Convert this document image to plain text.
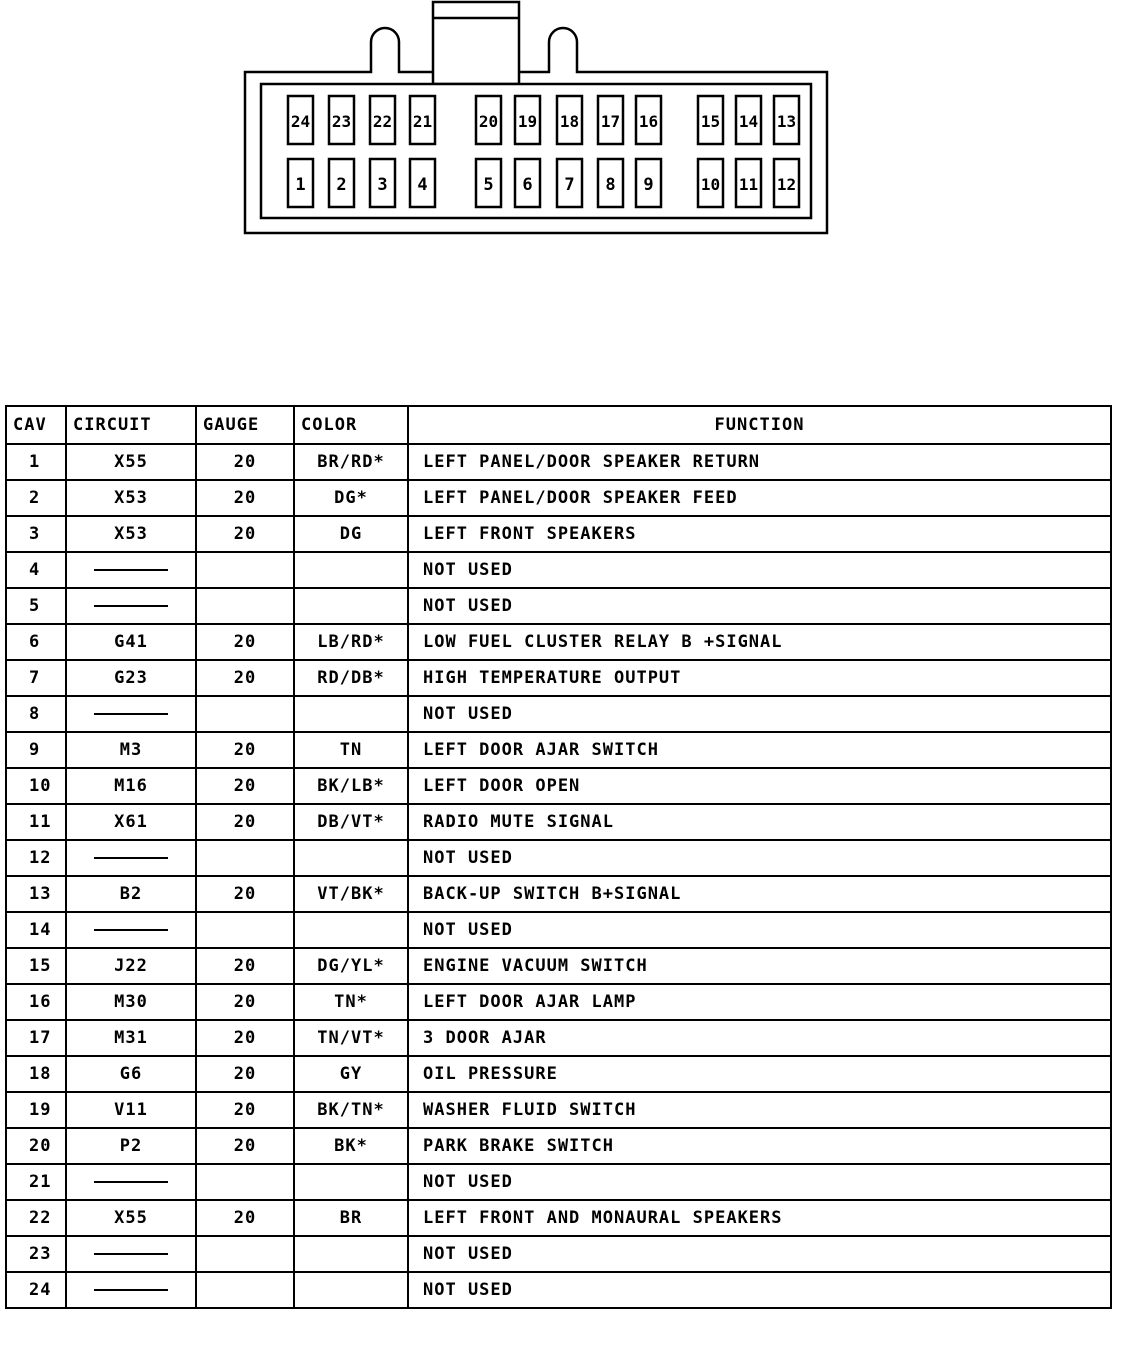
24 23 22 21	20 19 18 17 16	15 14 13
1 2 3 4	5 6 7 8 9	10 11 12
CAV	CIRCUIT	GAUGE	COLOR	FUNCTION
1	X55	20	BR/RD*	LEFT PANEL/DOOR SPEAKER RETURN
2	X53	20	DG*	LEFT PANEL/DOOR SPEAKER FEED
3	X53	20	DG	LEFT FRONT SPEAKERS
4				NOT USED
5				NOT USED
6	G41	20	LB/RD*	LOW FUEL CLUSTER RELAY B +SIGNAL
7	G23	20	RD/DB*	HIGH TEMPERATURE OUTPUT
8				NOT USED
9	M3	20	TN	LEFT DOOR AJAR SWITCH
10	M16	20	BK/LB*	LEFT DOOR OPEN
11	X61	20	DB/VT*	RADIO MUTE SIGNAL
12				NOT USED
13	B2	20	VT/BK*	BACK-UP SWITCH B+SIGNAL
14				NOT USED
15	J22	20	DG/YL*	ENGINE VACUUM SWITCH
16	M30	20	TN*	LEFT DOOR AJAR LAMP
17	M31	20	TN/VT*	3 DOOR AJAR
18	G6	20	GY	OIL PRESSURE
19	V11	20	BK/TN*	WASHER FLUID SWITCH
20	P2	20	BK*	PARK BRAKE SWITCH
21				NOT USED
22	X55	20	BR	LEFT FRONT AND MONAURAL SPEAKERS
23				NOT USED
24				NOT USED
